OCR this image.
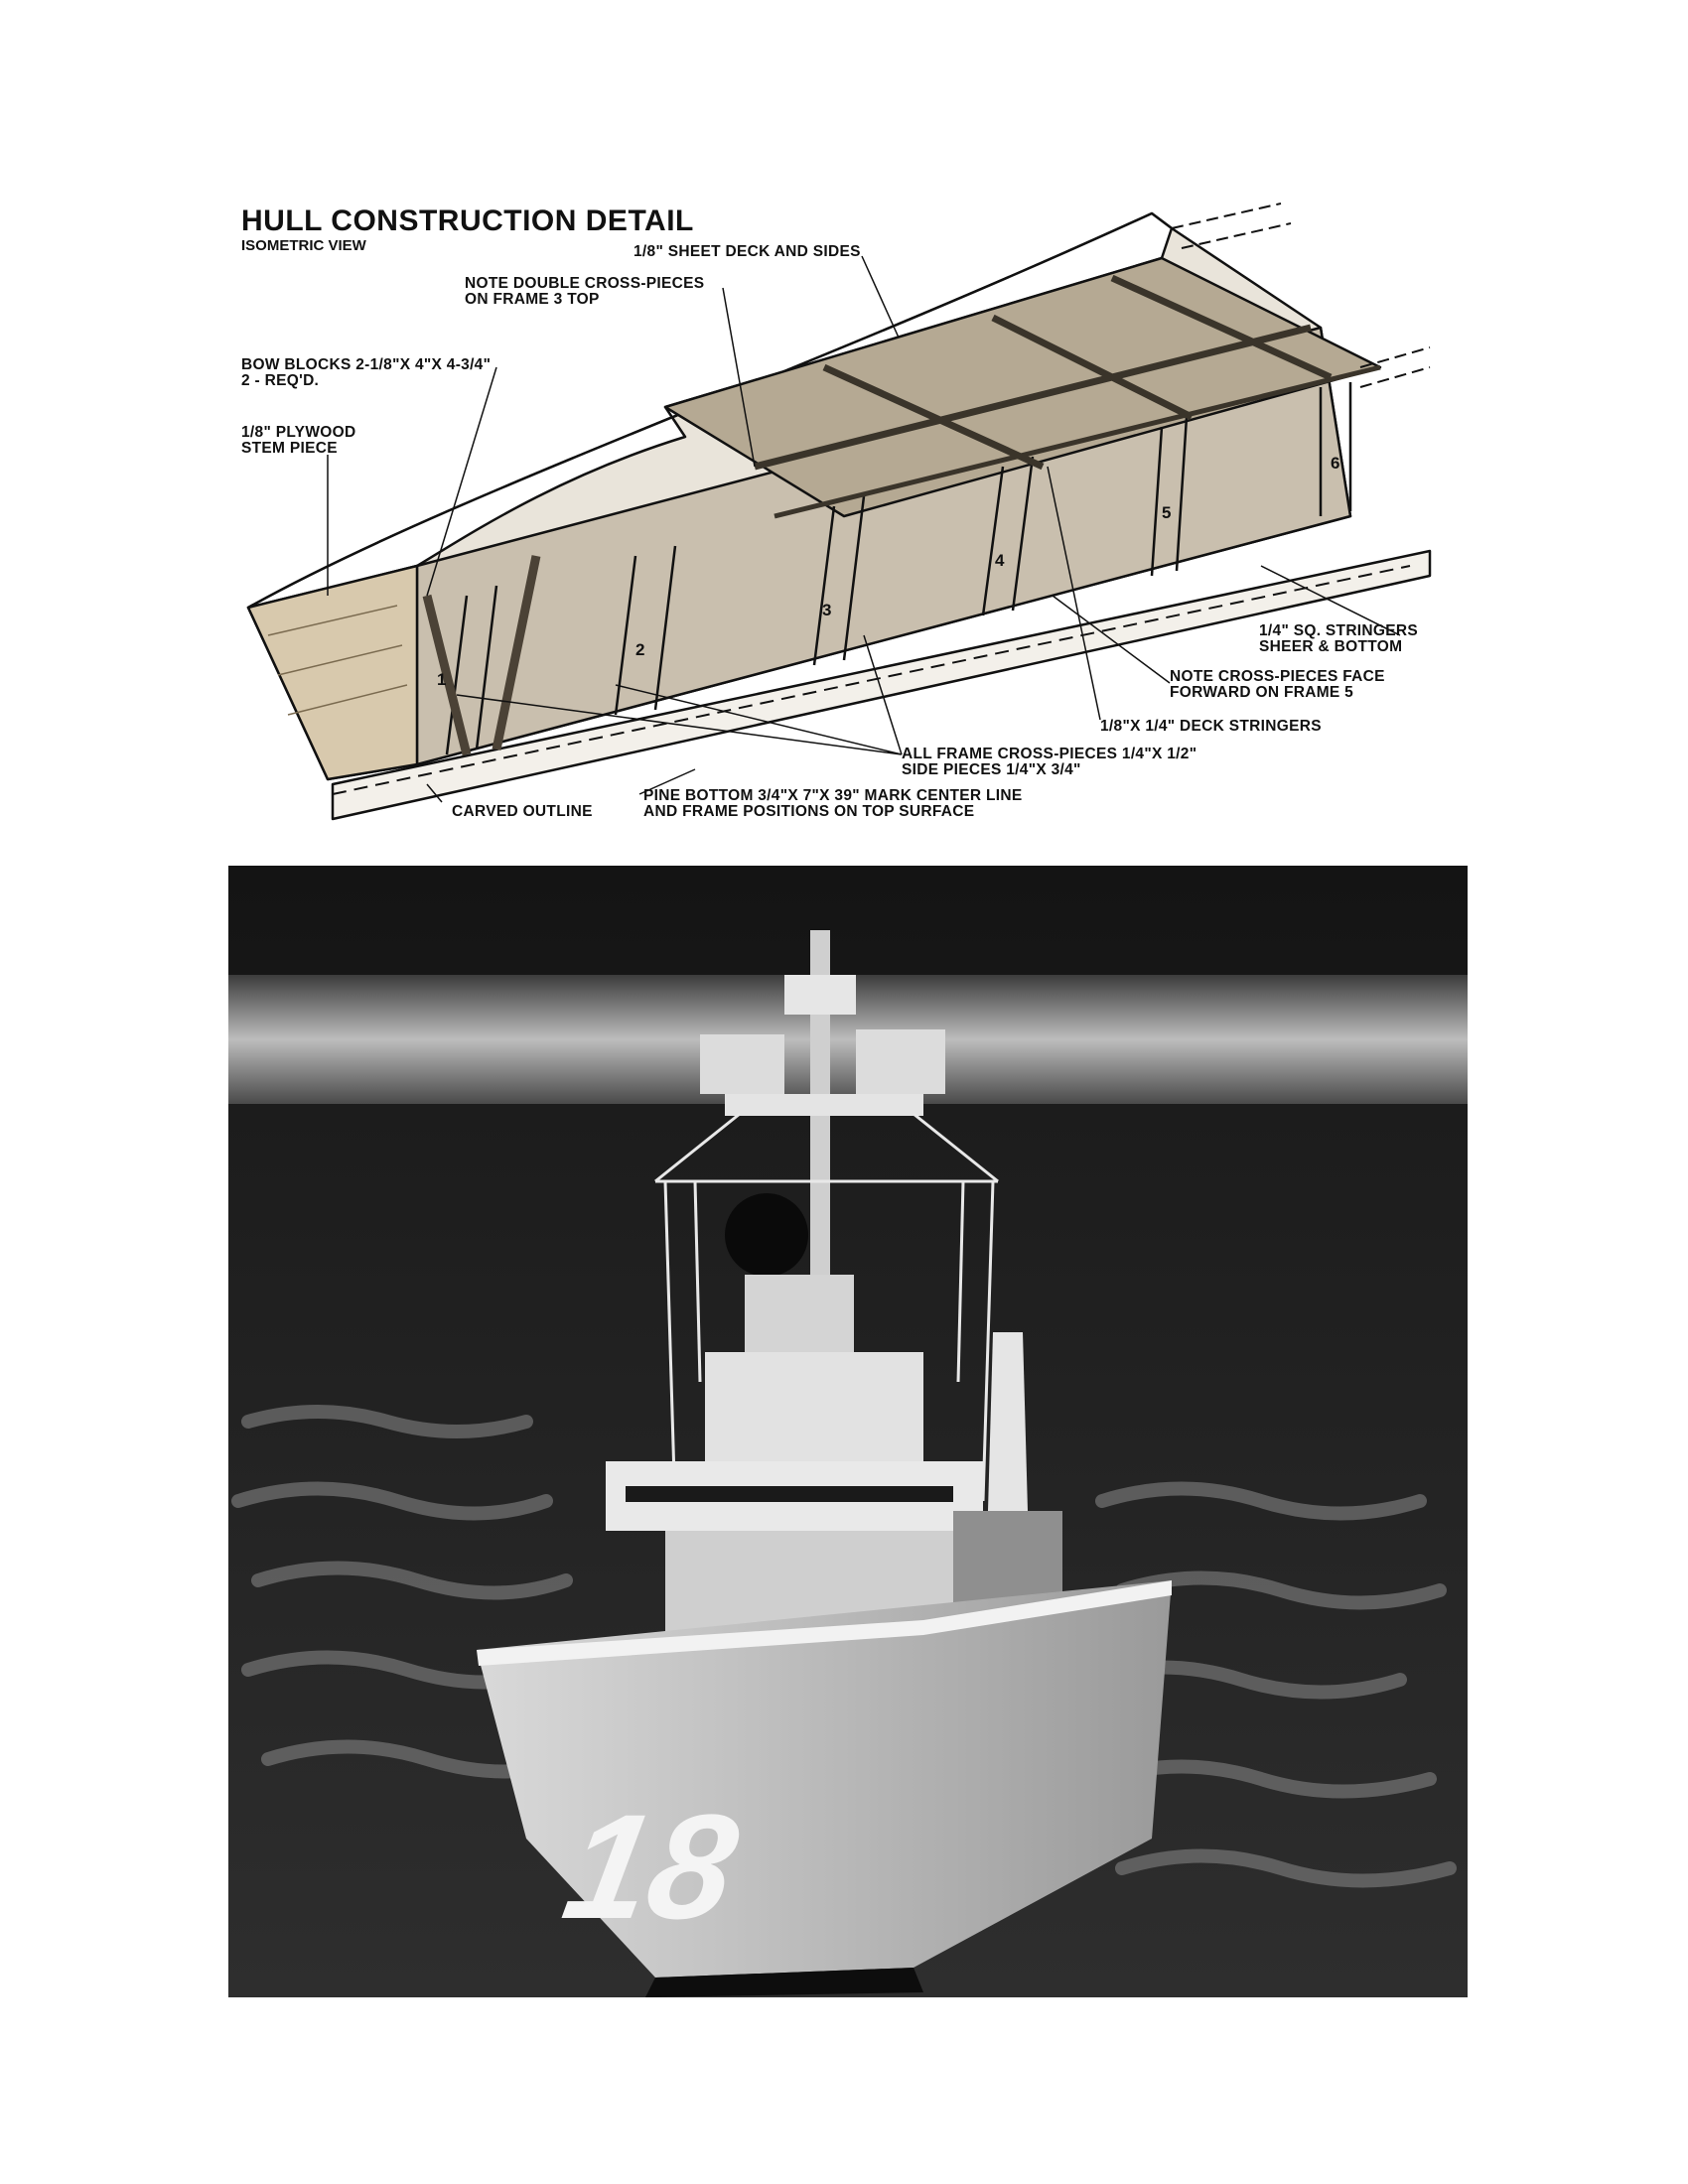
HULL CONSTRUCTION DETAIL
ISOMETRIC VIEW
1
2
3
4
5
6
1/8" SHEET DECK AND SIDES
NOTE DOUBLE CROSS-PIECES
ON FRAME 3 TOP
BOW BLOCKS 2-1/8"X 4"X 4-3/4"
2 - REQ'D.
1/8" PLYWOOD
STEM PIECE
1/4" SQ. STRINGERS
SHEER & BOTTOM
NOTE CROSS-PIECES FACE
FORWARD ON FRAME 5
1/8"X 1/4" DECK STRINGERS
ALL FRAME CROSS-PIECES 1/4"X 1/2"
SIDE PIECES 1/4"X 3/4"
CARVED OUTLINE
PINE BOTTOM 3/4"X 7"X 39" MARK CENTER LINE
AND FRAME POSITIONS ON TOP SURFACE
18
